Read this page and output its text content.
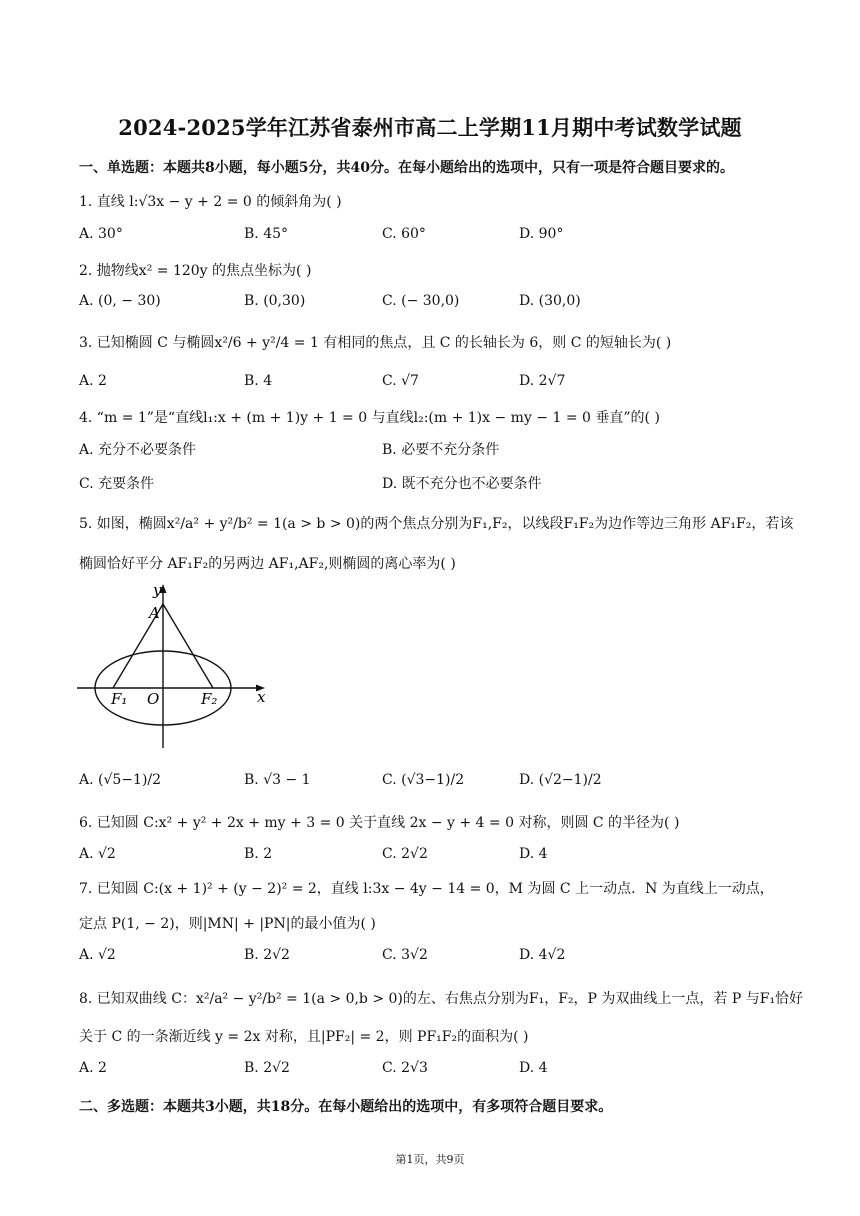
2024-2025学年江苏省泰州市高二上学期11月期中考试数学试题
一、单选题：本题共8小题，每小题5分，共40分。在每小题给出的选项中，只有一项是符合题目要求的。
1. 直线 l:√3x − y + 2 = 0 的倾斜角为( )
A. 30°	B. 45°	C. 60°	D. 90°
2. 抛物线x² = 120y 的焦点坐标为( )
A. (0, − 30)	B. (0,30)	C. (− 30,0)	D. (30,0)
3. 已知椭圆 C 与椭圆x²/6 + y²/4 = 1 有相同的焦点，且 C 的长轴长为 6，则 C 的短轴长为( )
A. 2	B. 4	C. √7	D. 2√7
4. “m = 1”是“直线l₁:x + (m + 1)y + 1 = 0 与直线l₂:(m + 1)x − my − 1 = 0 垂直”的( )
A. 充分不必要条件	B. 必要不充分条件
C. 充要条件	D. 既不充分也不必要条件
5. 如图，椭圆x²/a² + y²/b² = 1(a > b > 0)的两个焦点分别为F₁,F₂，以线段F₁F₂为边作等边三角形 AF₁F₂，若该
椭圆恰好平分 AF₁F₂的另两边 AF₁,AF₂,则椭圆的离心率为( )
y
A
x
O
F₁	F₂
A. (√5−1)/2	B. √3 − 1	C. (√3−1)/2	D. (√2−1)/2
6. 已知圆 C:x² + y² + 2x + my + 3 = 0 关于直线 2x − y + 4 = 0 对称，则圆 C 的半径为( )
A. √2	B. 2	C. 2√2	D. 4
7. 已知圆 C:(x + 1)² + (y − 2)² = 2，直线 l:3x − 4y − 14 = 0，M 为圆 C 上一动点．N 为直线上一动点，
定点 P(1, − 2)，则|MN| + |PN|的最小值为( )
A. √2	B. 2√2	C. 3√2	D. 4√2
8. 已知双曲线 C：x²/a² − y²/b² = 1(a > 0,b > 0)的左、右焦点分别为F₁，F₂，P 为双曲线上一点，若 P 与F₁恰好
关于 C 的一条渐近线 y = 2x 对称，且|PF₂| = 2，则 PF₁F₂的面积为( )
A. 2	B. 2√2	C. 2√3	D. 4
二、多选题：本题共3小题，共18分。在每小题给出的选项中，有多项符合题目要求。
第1页，共9页
